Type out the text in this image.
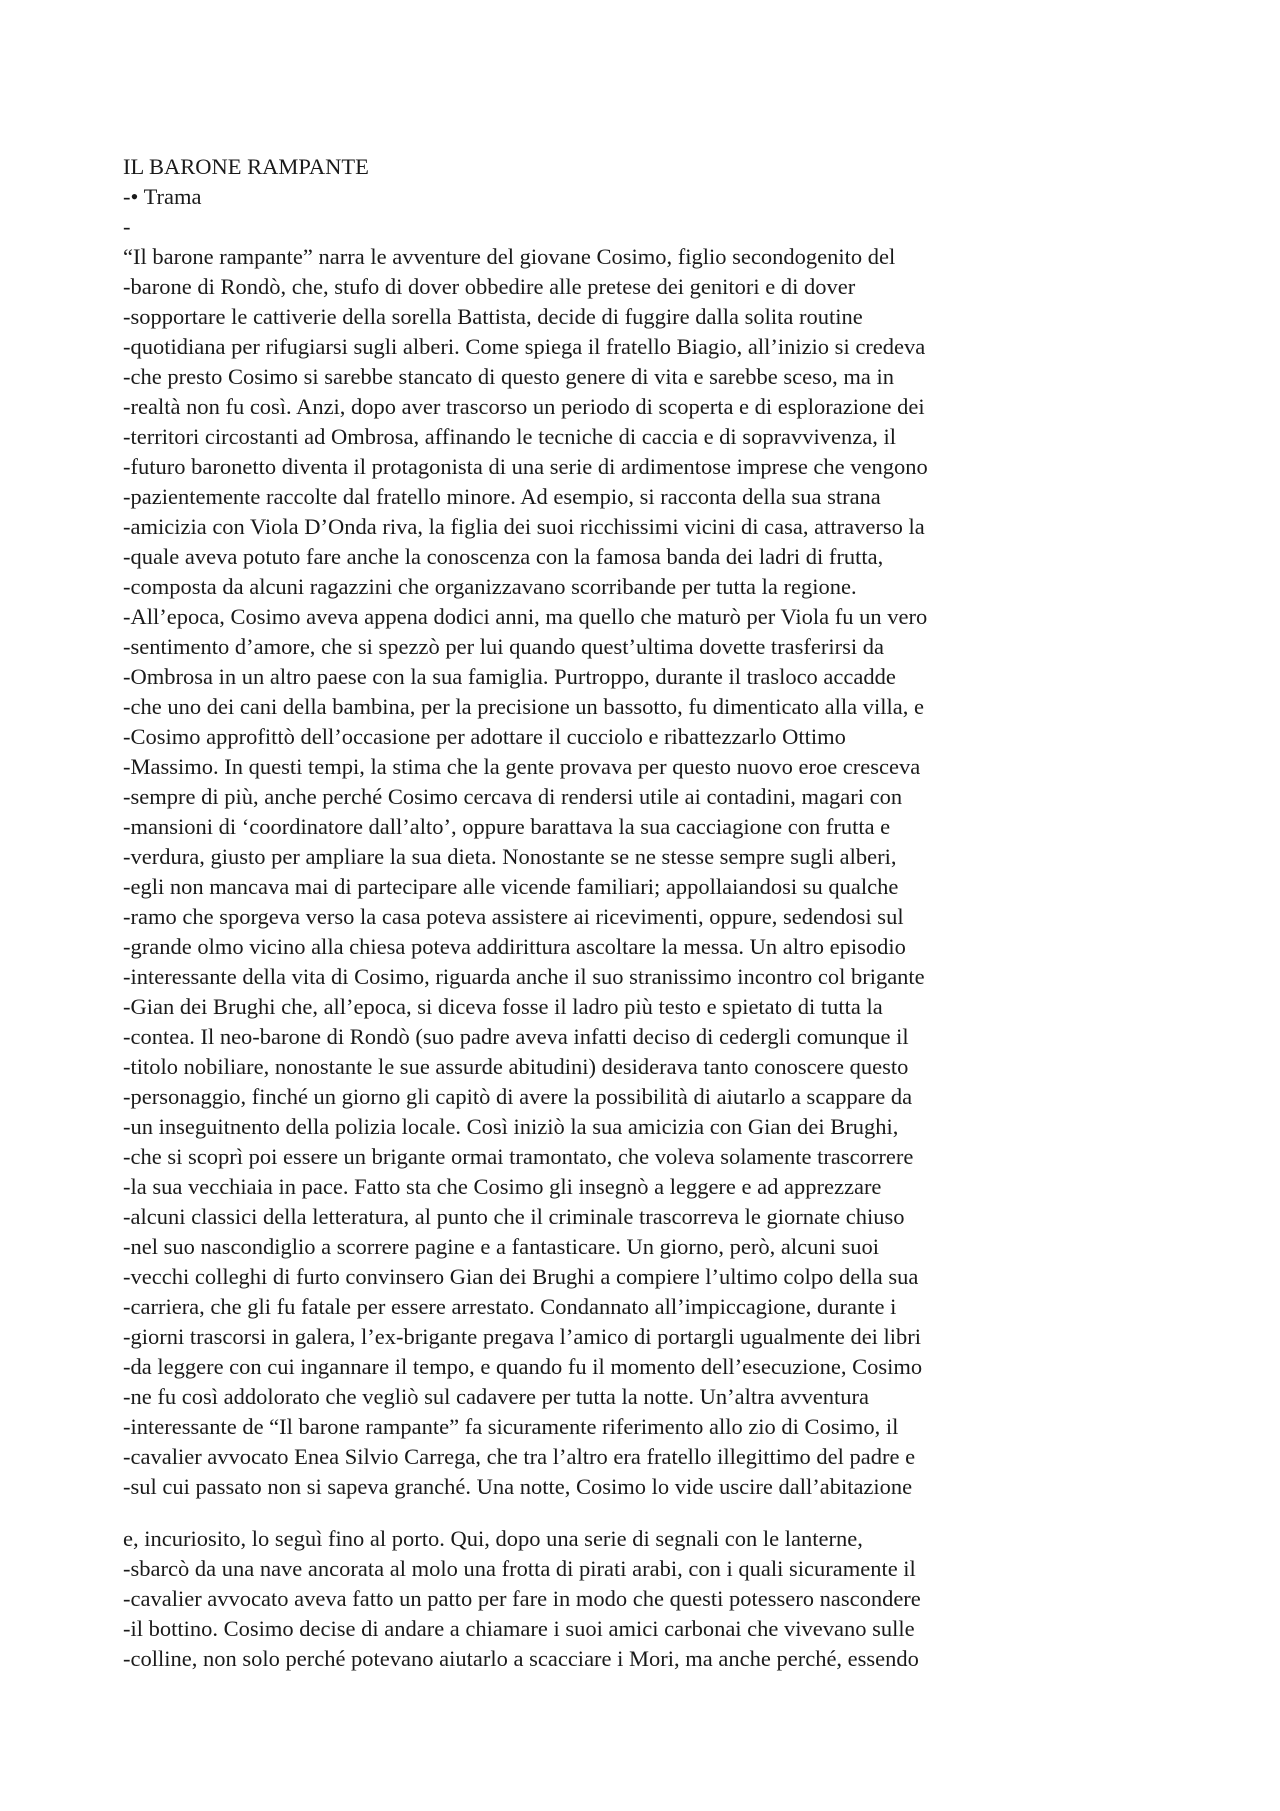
IL BARONE RAMPANTE
-• Trama
-
“Il barone rampante” narra le avventure del giovane Cosimo, figlio secondogenito del
-barone di Rondò, che, stufo di dover obbedire alle pretese dei genitori e di dover
-sopportare le cattiverie della sorella Battista, decide di fuggire dalla solita routine
-quotidiana per rifugiarsi sugli alberi. Come spiega il fratello Biagio, all’inizio si credeva
-che presto Cosimo si sarebbe stancato di questo genere di vita e sarebbe sceso, ma in
-realtà non fu così. Anzi, dopo aver trascorso un periodo di scoperta e di esplorazione dei
-territori circostanti ad Ombrosa, affinando le tecniche di caccia e di sopravvivenza, il
-futuro baronetto diventa il protagonista di una serie di ardimentose imprese che vengono
-pazientemente raccolte dal fratello minore. Ad esempio, si racconta della sua strana
-amicizia con Viola D’Onda riva, la figlia dei suoi ricchissimi vicini di casa, attraverso la
-quale aveva potuto fare anche la conoscenza con la famosa banda dei ladri di frutta,
-composta da alcuni ragazzini che organizzavano scorribande per tutta la regione.
-All’epoca, Cosimo aveva appena dodici anni, ma quello che maturò per Viola fu un vero
-sentimento d’amore, che si spezzò per lui quando quest’ultima dovette trasferirsi da
-Ombrosa in un altro paese con la sua famiglia. Purtroppo, durante il trasloco accadde
-che uno dei cani della bambina, per la precisione un bassotto, fu dimenticato alla villa, e
-Cosimo approfittò dell’occasione per adottare il cucciolo e ribattezzarlo Ottimo
-Massimo. In questi tempi, la stima che la gente provava per questo nuovo eroe cresceva
-sempre di più, anche perché Cosimo cercava di rendersi utile ai contadini, magari con
-mansioni di ‘coordinatore dall’alto’, oppure barattava la sua cacciagione con frutta e
-verdura, giusto per ampliare la sua dieta. Nonostante se ne stesse sempre sugli alberi,
-egli non mancava mai di partecipare alle vicende familiari; appollaiandosi su qualche
-ramo che sporgeva verso la casa poteva assistere ai ricevimenti, oppure, sedendosi sul
-grande olmo vicino alla chiesa poteva addirittura ascoltare la messa. Un altro episodio
-interessante della vita di Cosimo, riguarda anche il suo stranissimo incontro col brigante
-Gian dei Brughi che, all’epoca, si diceva fosse il ladro più testo e spietato di tutta la
-contea. Il neo-barone di Rondò (suo padre aveva infatti deciso di cedergli comunque il
-titolo nobiliare, nonostante le sue assurde abitudini) desiderava tanto conoscere questo
-personaggio, finché un giorno gli capitò di avere la possibilità di aiutarlo a scappare da
-un inseguitnento della polizia locale. Così iniziò la sua amicizia con Gian dei Brughi,
-che si scoprì poi essere un brigante ormai tramontato, che voleva solamente trascorrere
-la sua vecchiaia in pace. Fatto sta che Cosimo gli insegnò a leggere e ad apprezzare
-alcuni classici della letteratura, al punto che il criminale trascorreva le giornate chiuso
-nel suo nascondiglio a scorrere pagine e a fantasticare. Un giorno, però, alcuni suoi
-vecchi colleghi di furto convinsero Gian dei Brughi a compiere l’ultimo colpo della sua
-carriera, che gli fu fatale per essere arrestato. Condannato all’impiccagione, durante i
-giorni trascorsi in galera, l’ex-brigante pregava l’amico di portargli ugualmente dei libri
-da leggere con cui ingannare il tempo, e quando fu il momento dell’esecuzione, Cosimo
-ne fu così addolorato che vegliò sul cadavere per tutta la notte. Un’altra avventura
-interessante de “Il barone rampante” fa sicuramente riferimento allo zio di Cosimo, il
-cavalier avvocato Enea Silvio Carrega, che tra l’altro era fratello illegittimo del padre e
-sul cui passato non si sapeva granché. Una notte, Cosimo lo vide uscire dall’abitazione
e, incuriosito, lo seguì fino al porto. Qui, dopo una serie di segnali con le lanterne,
-sbarcò da una nave ancorata al molo una frotta di pirati arabi, con i quali sicuramente il
-cavalier avvocato aveva fatto un patto per fare in modo che questi potessero nascondere
-il bottino. Cosimo decise di andare a chiamare i suoi amici carbonai che vivevano sulle
-colline, non solo perché potevano aiutarlo a scacciare i Mori, ma anche perché, essendo
